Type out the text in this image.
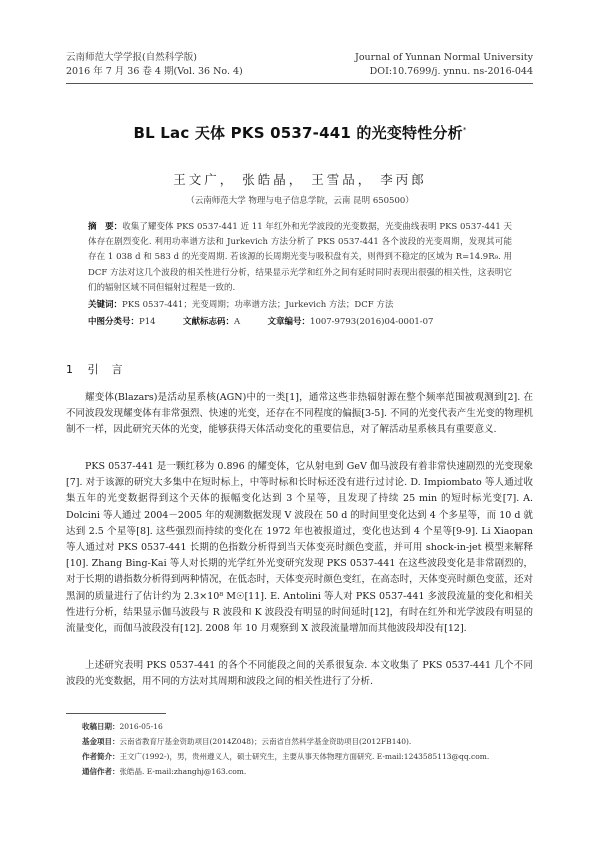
云南师范大学学报(自然科学版)
2016 年 7 月 36 卷 4 期(Vol. 36 No. 4)
Journal of Yunnan Normal University
DOI:10.7699/j. ynnu. ns-2016-044
BL Lac 天体 PKS 0537-441 的光变特性分析*
王文广， 张皓晶， 王雪品， 李丙郎
（云南师范大学 物理与电子信息学院，云南 昆明 650500）
摘　要：收集了耀变体 PKS 0537-441 近 11 年红外和光学波段的光变数据，光变曲线表明 PKS 0537-441 天体存在剧烈变化. 利用功率谱方法和 Jurkevich 方法分析了 PKS 0537-441 各个波段的光变周期，发现其可能存在 1 038 d 和 583 d 的光变周期. 若该源的长周期光变与吸积盘有关，则得到不稳定的区域为 R=14.9R₉. 用 DCF 方法对这几个波段的相关性进行分析，结果显示光学和红外之间有延时同时表现出很强的相关性，这表明它们的辐射区域不同但辐射过程是一致的.
关键词：PKS 0537-441；光变周期；功率谱方法；Jurkevich 方法；DCF 方法
中图分类号：P14	文献标志码：A	文章编号：1007-9793(2016)04-0001-07
1 引　言

耀变体(Blazars)是活动星系核(AGN)中的一类[1]，通常这些非热辐射源在整个频率范围被观测到[2]. 在不同波段发现耀变体有非常强烈、快速的光变，还存在不同程度的偏振[3-5]. 不同的光变代表产生光变的物理机制不一样，因此研究天体的光变，能够获得天体活动变化的重要信息，对了解活动星系核具有重要意义.

PKS 0537-441 是一颗红移为 0.896 的耀变体，它从射电到 GeV 伽马波段有着非常快速剧烈的光变现象[7]. 对于该源的研究大多集中在短时标上，中等时标和长时标还没有进行过讨论. D. Impiombato 等人通过收集五年的光变数据得到这个天体的振幅变化达到 3 个星等，且发现了持续 25 min 的短时标光变[7]. A. Dolcini 等人通过 2004－2005 年的观测数据发现 V 波段在 50 d 的时间里变化达到 4 个多星等，而 10 d 就达到 2.5 个星等[8]. 这些强烈而持续的变化在 1972 年也被报道过，变化也达到 4 个星等[9-9]. Li Xiaopan 等人通过对 PKS 0537-441 长期的色指数分析得到当天体变亮时颜色变蓝，并可用 shock-in-jet 模型来解释[10]. Zhang Bing-Kai 等人对长期的光学红外光变研究发现 PKS 0537-441 在这些波段变化是非常剧烈的，对于长期的谱指数分析得到两种情况，在低态时，天体变亮时颜色变红，在高态时，天体变亮时颜色变蓝，还对黑洞的质量进行了估计约为 2.3×10⁸ M☉[11]. E. Antolini 等人对 PKS 0537-441 多波段流量的变化和相关性进行分析，结果显示伽马波段与 R 波段和 K 波段没有明显的时间延时[12]，有时在红外和光学波段有明显的流量变化，而伽马波段没有[12]. 2008 年 10 月观察到 X 波段流量增加而其他波段却没有[12].

上述研究表明 PKS 0537-441 的各个不同能段之间的关系很复杂. 本文收集了 PKS 0537-441 几个不同波段的光变数据，用不同的方法对其周期和波段之间的相关性进行了分析.

收稿日期：2016-05-16
基金项目：云南省教育厅基金资助项目(2014Z048)；云南省自然科学基金资助项目(2012FB140).
作者简介：王文广(1992-)，男，贵州遵义人，硕士研究生，主要从事天体物理方面研究. E-mail:1243585113@qq.com.
通信作者：张皓晶. E-mail:zhanghj@163.com.
